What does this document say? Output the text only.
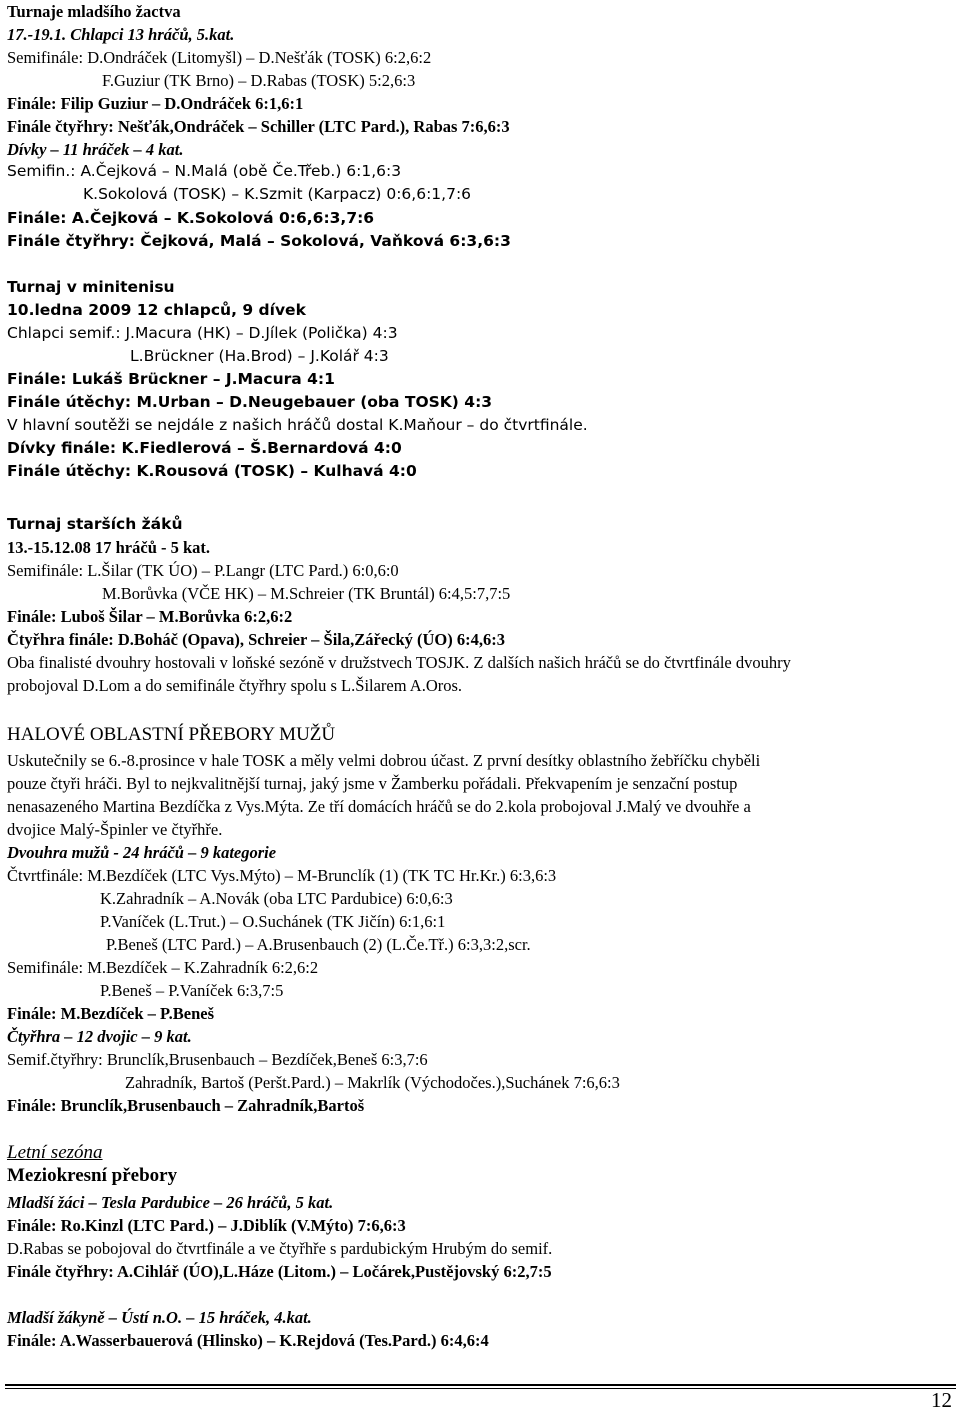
Turnaje mladšího žactva
17.-19.1. Chlapci 13 hráčů, 5.kat.
Semifinále: D.Ondráček (Litomyšl) – D.Nešťák (TOSK) 6:2,6:2
F.Guziur (TK Brno) – D.Rabas (TOSK) 5:2,6:3
Finále: Filip Guziur – D.Ondráček 6:1,6:1
Finále čtyřhry: Nešťák,Ondráček – Schiller (LTC Pard.), Rabas 7:6,6:3
Dívky – 11 hráček – 4 kat.
Semifin.: A.Čejková – N.Malá (obě Če.Třeb.) 6:1,6:3
K.Sokolová (TOSK) – K.Szmit (Karpacz) 0:6,6:1,7:6
Finále: A.Čejková – K.Sokolová 0:6,6:3,7:6
Finále čtyřhry: Čejková, Malá – Sokolová, Vaňková 6:3,6:3
Turnaj v minitenisu
10.ledna 2009 12 chlapců, 9 dívek
Chlapci semif.: J.Macura (HK) – D.Jílek (Polička) 4:3
L.Brückner (Ha.Brod) – J.Kolář 4:3
Finále: Lukáš Brückner – J.Macura 4:1
Finále útěchy: M.Urban – D.Neugebauer (oba TOSK) 4:3
V hlavní soutěži se nejdále z našich hráčů dostal K.Maňour – do čtvrtfinále.
Dívky finále: K.Fiedlerová – Š.Bernardová 4:0
Finále útěchy: K.Rousová (TOSK) – Kulhavá 4:0
Turnaj starších žáků
13.-15.12.08 17 hráčů - 5 kat.
Semifinále: L.Šilar (TK ÚO) – P.Langr (LTC Pard.) 6:0,6:0
M.Borůvka (VČE HK) – M.Schreier (TK Bruntál) 6:4,5:7,7:5
Finále: Luboš Šilar – M.Borůvka 6:2,6:2
Čtyřhra finále: D.Boháč (Opava), Schreier – Šila,Zářecký (ÚO) 6:4,6:3
Oba finalisté dvouhry hostovali v loňské sezóně v družstvech TOSJK. Z dalších našich hráčů se do čtvrtfinále dvouhry
probojoval D.Lom a do semifinále čtyřhry spolu s L.Šilarem A.Oros.
HALOVÉ OBLASTNÍ PŘEBORY MUŽŮ
Uskutečnily se 6.-8.prosince v hale TOSK a měly velmi dobrou účast. Z první desítky oblastního žebříčku chyběli
pouze čtyři hráči. Byl to nejkvalitnější turnaj, jaký jsme v Žamberku pořádali. Překvapením je senzační postup
nenasazeného Martina Bezdíčka z Vys.Mýta. Ze tří domácích hráčů se do 2.kola probojoval J.Malý ve dvouhře a
dvojice Malý-Špinler ve čtyřhře.
Dvouhra mužů - 24 hráčů – 9 kategorie
Čtvrtfinále: M.Bezdíček (LTC Vys.Mýto) – M-Brunclík (1) (TK TC Hr.Kr.) 6:3,6:3
K.Zahradník – A.Novák (oba LTC Pardubice) 6:0,6:3
P.Vaníček (L.Trut.) – O.Suchánek (TK Jičín) 6:1,6:1
P.Beneš (LTC Pard.) – A.Brusenbauch (2) (L.Če.Tř.) 6:3,3:2,scr.
Semifinále: M.Bezdíček – K.Zahradník 6:2,6:2
P.Beneš – P.Vaníček 6:3,7:5
Finále: M.Bezdíček – P.Beneš
Čtyřhra – 12 dvojic – 9 kat.
Semif.čtyřhry: Brunclík,Brusenbauch – Bezdíček,Beneš 6:3,7:6
Zahradník, Bartoš (Peršt.Pard.) – Makrlík (Východočes.),Suchánek 7:6,6:3
Finále: Brunclík,Brusenbauch – Zahradník,Bartoš
Letní sezóna
Meziokresní přebory
Mladší žáci – Tesla Pardubice – 26 hráčů, 5 kat.
Finále: Ro.Kinzl (LTC Pard.) – J.Diblík (V.Mýto) 7:6,6:3
D.Rabas se pobojoval do čtvrtfinále a ve čtyřhře s pardubickým Hrubým do semif.
Finále čtyřhry: A.Cihlář (ÚO),L.Háze (Litom.) – Ločárek,Pustějovský 6:2,7:5
Mladší žákyně – Ústí n.O. – 15 hráček, 4.kat.
Finále: A.Wasserbauerová (Hlinsko) – K.Rejdová (Tes.Pard.) 6:4,6:4
12
